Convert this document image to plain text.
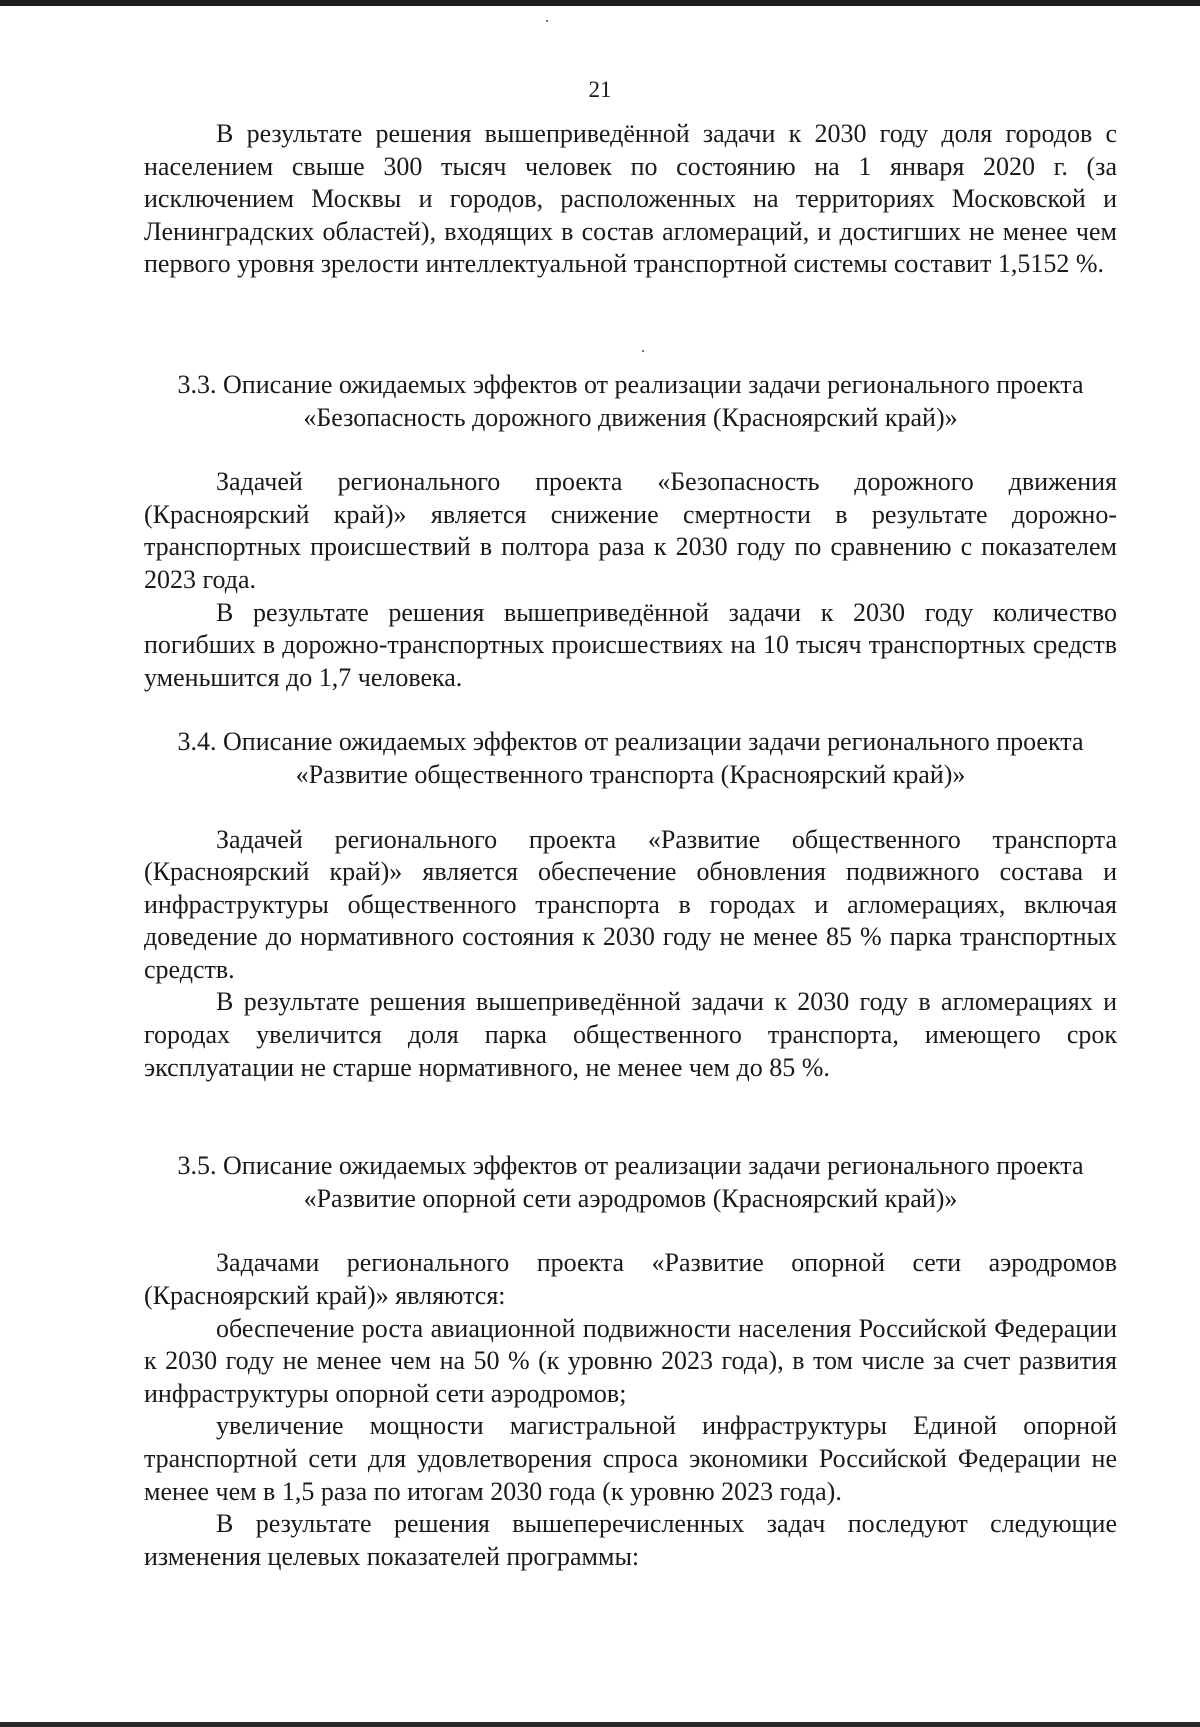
21

В результате решения вышеприведённой задачи к 2030 году доля городов с населением свыше 300 тысяч человек по состоянию на 1 января 2020 г. (за исключением Москвы и городов, расположенных на территориях Московской и Ленинградских областей), входящих в состав агломераций, и достигших не менее чем первого уровня зрелости интеллектуальной транспортной системы составит 1,5152 %.

3.3. Описание ожидаемых эффектов от реализации задачи регионального проекта «Безопасность дорожного движения (Красноярский край)»

Задачей регионального проекта «Безопасность дорожного движения (Красноярский край)» является снижение смертности в результате дорожно-транспортных происшествий в полтора раза к 2030 году по сравнению с показателем 2023 года.

В результате решения вышеприведённой задачи к 2030 году количество погибших в дорожно-транспортных происшествиях на 10 тысяч транспортных средств уменьшится до 1,7 человека.

3.4. Описание ожидаемых эффектов от реализации задачи регионального проекта «Развитие общественного транспорта (Красноярский край)»

Задачей регионального проекта «Развитие общественного транспорта (Красноярский край)» является обеспечение обновления подвижного состава и инфраструктуры общественного транспорта в городах и агломерациях, включая доведение до нормативного состояния к 2030 году не менее 85 % парка транспортных средств.

В результате решения вышеприведённой задачи к 2030 году в агломерациях и городах увеличится доля парка общественного транспорта, имеющего срок эксплуатации не старше нормативного, не менее чем до 85 %.

3.5. Описание ожидаемых эффектов от реализации задачи регионального проекта «Развитие опорной сети аэродромов (Красноярский край)»

Задачами регионального проекта «Развитие опорной сети аэродромов (Красноярский край)» являются:

обеспечение роста авиационной подвижности населения Российской Федерации к 2030 году не менее чем на 50 % (к уровню 2023 года), в том числе за счет развития инфраструктуры опорной сети аэродромов;

увеличение мощности магистральной инфраструктуры Единой опорной транспортной сети для удовлетворения спроса экономики Российской Федерации не менее чем в 1,5 раза по итогам 2030 года (к уровню 2023 года).

В результате решения вышеперечисленных задач последуют следующие изменения целевых показателей программы:
